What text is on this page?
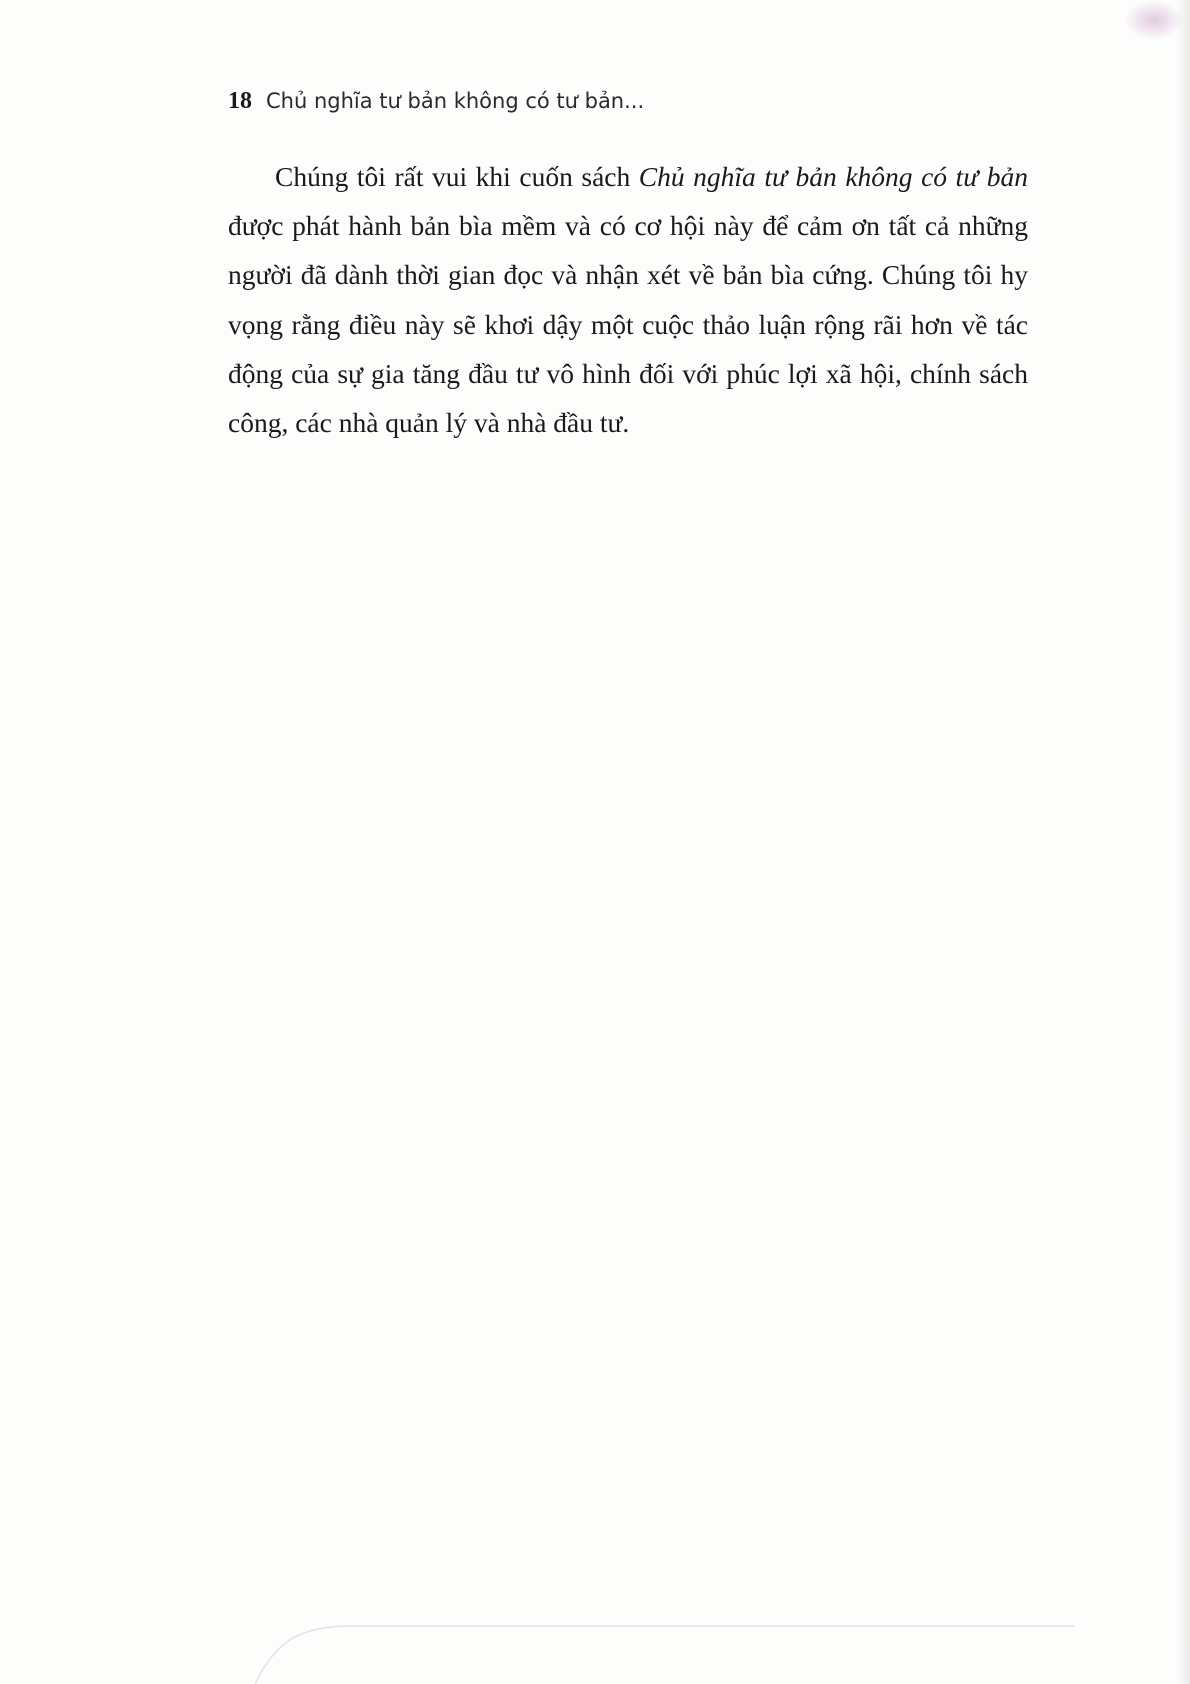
18 Chủ nghĩa tư bản không có tư bản...

Chúng tôi rất vui khi cuốn sách Chủ nghĩa tư bản không có tư bản được phát hành bản bìa mềm và có cơ hội này để cảm ơn tất cả những người đã dành thời gian đọc và nhận xét về bản bìa cứng. Chúng tôi hy vọng rằng điều này sẽ khơi dậy một cuộc thảo luận rộng rãi hơn về tác động của sự gia tăng đầu tư vô hình đối với phúc lợi xã hội, chính sách công, các nhà quản lý và nhà đầu tư.
